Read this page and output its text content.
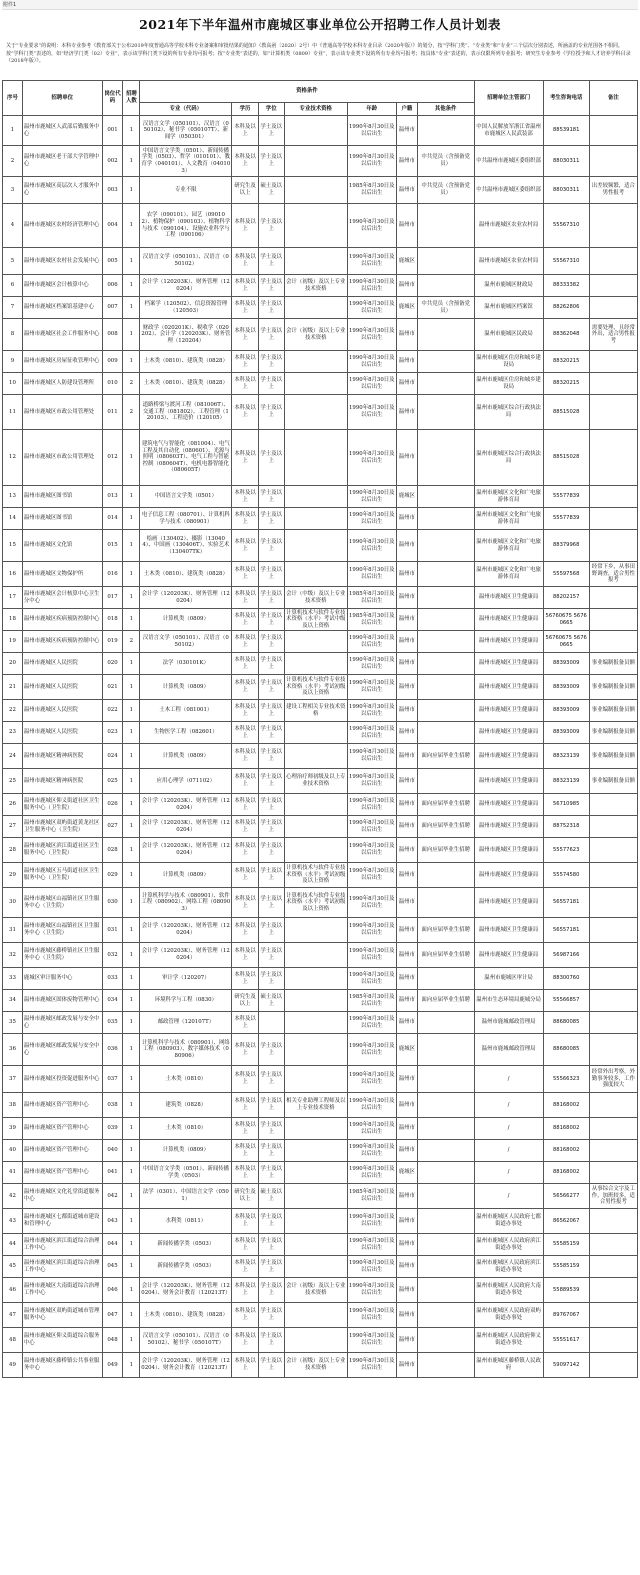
附件1
2021年下半年温州市鹿城区事业单位公开招聘工作人员计划表
关于“专业要求”的说明：本科专业参考《教育部关于公布2019年度普通高等学校本科专业备案和审批结果的通知》（教高函〔2020〕2号）中《普通高等学校本科专业目录（2020年版）》的划分，按“学科门类”、“专业类”和“专业”三个层次分别表述，所涵盖的专业范围各不相同。按“学科门类”表述的，如“经济学门类（02）专业”，表示该学科门类下设的所有专业均可报考；按“专业类”表述的，如“计算机类（0809）专业”，表示该专业类下设的所有专业均可报考；按具体“专业”表述的，表示仅限所列专业报考；研究生专业参考《学位授予和人才培养学科目录（2018年版）》。
序号	招聘单位	岗位代码	招聘人数	资格条件							招聘单位主管部门	考生咨询电话	备注
				专业（代码）	学历	学位	专业技术资格	年龄	户籍	其他条件			
1	温州市鹿城区人武部后勤服务中心	001	1	汉语言文学（050101）、汉语言（050102）、秘书学（050107T）、新闻学（050301）	本科及以上	学士及以上		1990年8月30日及以后出生	温州市		中国人民解放军浙江省温州市鹿城区人民武装部	88539181	
2	温州市鹿城区老干部大学管理中心	002	1	中国语言文学类（0501）、新闻传播学类（0503）、哲学（010101）、教育学（040101）、人文教育（040103）	本科及以上	学士及以上		1990年8月30日及以后出生	温州市	中共党员（含预备党员）	中共温州市鹿城区委组织部	88030311	
3	温州市鹿城区高层次人才服务中心	003	1	专业不限	研究生及以上	硕士及以上		1985年8月30日及以后出生	温州市	中共党员（含预备党员）	中共温州市鹿城区委组织部	88030311	出差较频繁，适合男性报考
4	温州市鹿城区农村经济管理中心	004	1	农学（090101）、园艺（090102）、植物保护（090103）、植物科学与技术（090104）、设施农业科学与工程（090106）	本科及以上	学士及以上		1990年8月30日及以后出生	温州市		温州市鹿城区农业农村局	55567310	
5	温州市鹿城区农村社会发展中心	005	1	汉语言文学（050101）、汉语言（050102）	本科及以上	学士及以上		1990年8月30日及以后出生	鹿城区		温州市鹿城区农业农村局	55567310	
6	温州市鹿城区会计核算中心	006	1	会计学（120203K）、财务管理（120204）	本科及以上	学士及以上	会计（初级）及以上专业技术资格	1990年8月30日及以后出生	温州市		温州市鹿城区财政局	88333382	
7	温州市鹿城区档案馆基建中心	007	1	档案学（120502）、信息资源管理（120503）	本科及以上	学士及以上		1990年8月30日及以后出生	鹿城区	中共党员（含预备党员）	温州市鹿城区档案馆	88262806	
8	温州市鹿城区社会工作服务中心	008	1	财政学（020201K）、税收学（020202）、会计学（120203K）、财务管理（120204）	本科及以上	学士及以上	会计（初级）及以上专业技术资格	1990年8月30日及以后出生	温州市		温州市鹿城区民政局	88362048	需要处理，且经常外出，适合男性报考
9	温州市鹿城区房屋征收管理中心	009	1	土木类（0810）、建筑类（0828）	本科及以上	学士及以上		1990年8月30日及以后出生	温州市		温州市鹿城区住房和城乡建设局	88320215	
10	温州市鹿城区人防建设管理所	010	2	土木类（0810）、建筑类（0828）	本科及以上	学士及以上		1990年8月30日及以后出生	温州市		温州市鹿城区住房和城乡建设局	88320215	
11	温州市鹿城区市政公用管理处	011	2	道路桥梁与渡河工程（081006T）、交通工程（081802）、工程管理（120103）、工程造价（120105）	本科及以上	学士及以上		1990年8月30日及以后出生	温州市		温州市鹿城区综合行政执法局	88515028	
12	温州市鹿城区市政公用管理处	012	1	建筑电气与智能化（081004）、电气工程及其自动化（080601）、光源与照明（080603T）、电气工程与智能控制（080604T）、电机电器智能化（080605T）	本科及以上	学士及以上		1990年8月30日及以后出生	温州市		温州市鹿城区综合行政执法局	88515028	
13	温州市鹿城区图书馆	013	1	中国语言文学类（0501）	本科及以上	学士及以上		1990年8月30日及以后出生	鹿城区		温州市鹿城区文化和广电旅游体育局	55577839	
14	温州市鹿城区图书馆	014	1	电子信息工程（080701）、计算机科学与技术（080901）	本科及以上	学士及以上		1990年8月30日及以后出生	温州市		温州市鹿城区文化和广电旅游体育局	55577839	
15	温州市鹿城区文化馆	015	1	绘画（130402）、摄影（130404）、中国画（130406T）、实验艺术（130407TK）	本科及以上	学士及以上		1990年8月30日及以后出生	温州市		温州市鹿城区文化和广电旅游体育局	88379968	
16	温州市鹿城区文物保护所	016	1	土木类（0810）、建筑类（0828）	本科及以上	学士及以上		1990年8月30日及以后出生	温州市		温州市鹿城区文化和广电旅游体育局	55597568	经常下乡，从事田野调查，适合男性报考
17	温州市鹿城区会计核算中心卫生分中心	017	1	会计学（120203K）、财务管理（120204）	本科及以上	学士及以上	会计（中级）及以上专业技术资格	1985年8月30日及以后出生	温州市		温州市鹿城区卫生健康局	88202157	
18	温州市鹿城区疾病预防控制中心	018	1	计算机类（0809）	本科及以上	学士及以上	计算机技术与软件专业技术资格（水平）考试中级及以上资格	1985年8月30日及以后出生	温州市		温州市鹿城区卫生健康局	56760675 56760665	
19	温州市鹿城区疾病预防控制中心	019	2	汉语言文学（050101）、汉语言（050102）	本科及以上	学士及以上		1990年8月30日及以后出生	温州市		温州市鹿城区卫生健康局	56760675 56760665	
20	温州市鹿城区人民医院	020	1	法学（030101K）	本科及以上	学士及以上		1990年8月30日及以后出生	温州市		温州市鹿城区卫生健康局	88393009	事业编制报备员额
21	温州市鹿城区人民医院	021	1	计算机类（0809）	本科及以上	学士及以上	计算机技术与软件专业技术资格（水平）考试初级及以上资格	1990年8月30日及以后出生	温州市		温州市鹿城区卫生健康局	88393009	事业编制报备员额
22	温州市鹿城区人民医院	022	1	土木工程（081001）	本科及以上	学士及以上	建设工程相关专业技术资格	1990年8月30日及以后出生	温州市		温州市鹿城区卫生健康局	88393009	事业编制报备员额
23	温州市鹿城区人民医院	023	1	生物医学工程（082601）	本科及以上	学士及以上		1990年8月30日及以后出生	温州市		温州市鹿城区卫生健康局	88393009	事业编制报备员额
24	温州市鹿城区精神病医院	024	1	计算机类（0809）	本科及以上	学士及以上		1990年8月30日及以后出生	温州市	面向应届毕业生招聘	温州市鹿城区卫生健康局	88323139	事业编制报备员额
25	温州市鹿城区精神病医院	025	1	应用心理学（071102）	本科及以上	学士及以上	心理治疗师初级及以上专业技术资格	1990年8月30日及以后出生	温州市		温州市鹿城区卫生健康局	88323139	事业编制报备员额
26	温州市鹿城区仰义街道社区卫生服务中心（卫生院）	026	1	会计学（120203K）、财务管理（120204）	本科及以上	学士及以上		1990年8月30日及以后出生	温州市	面向应届毕业生招聘	温州市鹿城区卫生健康局	56710985	
27	温州市鹿城区双屿街道黄龙社区卫生服务中心（卫生院）	027	1	会计学（120203K）、财务管理（120204）	本科及以上	学士及以上		1990年8月30日及以后出生	温州市	面向应届毕业生招聘	温州市鹿城区卫生健康局	88752318	
28	温州市鹿城区滨江街道社区卫生服务中心（卫生院）	028	1	会计学（120203K）、财务管理（120204）	本科及以上	学士及以上		1990年8月30日及以后出生	温州市	面向应届毕业生招聘	温州市鹿城区卫生健康局	55577623	
29	温州市鹿城区五马街道社区卫生服务中心（卫生院）	029	1	计算机类（0809）	本科及以上	学士及以上	计算机技术与软件专业技术资格（水平）考试初级及以上资格	1990年8月30日及以后出生	温州市		温州市鹿城区卫生健康局	55574580	
30	温州市鹿城区山福镇社区卫生服务中心（卫生院）	030	1	计算机科学与技术（080901）、软件工程（080902）、网络工程（080903）	本科及以上	学士及以上	计算机技术与软件专业技术资格（水平）考试初级及以上资格	1990年8月30日及以后出生	温州市		温州市鹿城区卫生健康局	56557181	
31	温州市鹿城区山福镇社区卫生服务中心（卫生院）	031	1	会计学（120203K）、财务管理（120204）	本科及以上	学士及以上		1990年8月30日及以后出生	温州市	面向应届毕业生招聘	温州市鹿城区卫生健康局	56557181	
32	温州市鹿城区藤桥镇社区卫生服务中心（卫生院）	032	1	会计学（120203K）、财务管理（120204）	本科及以上	学士及以上		1990年8月30日及以后出生	温州市	面向应届毕业生招聘	温州市鹿城区卫生健康局	56987166	
33	鹿城区审计服务中心	033	1	审计学（120207）	本科及以上	学士及以上		1990年8月30日及以后出生	温州市		温州市鹿城区审计局	88300760	
34	温州市鹿城区固体废物管理中心	034	1	环境科学与工程（0830）	研究生及以上	硕士及以上		1985年8月30日及以后出生	温州市	面向应届毕业生招聘	温州市生态环境局鹿城分局	55566857	
35	温州市鹿城区邮政发展与安全中心	035	1	邮政管理（120107T）	本科及以上			1990年8月30日及以后出生	温州市		温州市鹿城邮政管理局	88680085	
36	温州市鹿城区邮政发展与安全中心	036	1	计算机科学与技术（080901）、网络工程（080903）、数字媒体技术（080906）	本科及以上	学士及以上		1990年8月30日及以后出生	鹿城区		温州市鹿城邮政管理局	88680085	
37	温州市鹿城区投资促进服务中心	037	1	土木类（0810）	本科及以上	学士及以上		1990年8月30日及以后出生	温州市		/	55566323	经常外出考察，外勤事务较多，工作强度较大
38	温州市鹿城区资产管理中心	038	1	建筑类（0828）	本科及以上	学士及以上	相关专业助理工程师及以上专业技术资格	1990年8月30日及以后出生	温州市		/	88168002	
39	温州市鹿城区资产管理中心	039	1	土木类（0810）	本科及以上	学士及以上		1990年8月30日及以后出生	温州市		/	88168002	
40	温州市鹿城区资产管理中心	040	1	计算机类（0809）	本科及以上	学士及以上		1990年8月30日及以后出生	温州市		/	88168002	
41	温州市鹿城区资产管理中心	041	1	中国语言文学类（0501）、新闻传播学类（0503）	本科及以上	学士及以上		1990年8月30日及以后出生	鹿城区		/	88168002	
42	温州市鹿城区文化礼堂街道服务中心	042	1	法学（0301）、中国语言文学（0501）	研究生及以上	硕士及以上		1985年8月30日及以后出生	温州市		/	56566277	从事综合文字及工作，加班较多，适合男性报考
43	温州市鹿城区七都街道城市建设和管理中心	043	1	水利类（0811）	本科及以上	学士及以上		1990年8月30日及以后出生	温州市		温州市鹿城区人民政府七都街道办事处	86562067	
44	温州市鹿城区滨江街道综合治理工作中心	044	1	新闻传播学类（0503）	本科及以上	学士及以上		1990年8月30日及以后出生	温州市		温州市鹿城区人民政府滨江街道办事处	55585159	
45	温州市鹿城区滨江街道综合治理工作中心	045	1	新闻传播学类（0503）	本科及以上	学士及以上		1990年8月30日及以后出生	温州市		温州市鹿城区人民政府滨江街道办事处	55585159	
46	温州市鹿城区大南街道综合治理工作中心	046	1	会计学（120203K）、财务管理（120204）、财务会计教育（120213T）	本科及以上	学士及以上	会计（初级）及以上专业技术资格	1990年8月30日及以后出生	温州市		温州市鹿城区人民政府大南街道办事处	55889539	
47	温州市鹿城区双屿街道城市管理服务中心	047	1	土木类（0810）、建筑类（0828）	本科及以上	学士及以上		1990年8月30日及以后出生	温州市		温州市鹿城区人民政府双屿街道办事处	89767067	
48	温州市鹿城区仰义街道综合服务中心	048	1	汉语言文学（050101）、汉语言（050102）、秘书学（050107T）	本科及以上	学士及以上		1990年8月30日及以后出生	温州市		温州市鹿城区人民政府仰义街道办事处	55551617	
49	温州市鹿城区藤桥镇公共事业服务中心	049	1	会计学（120203K）、财务管理（120204）、财务会计教育（120213T）	本科及以上	学士及以上	会计（初级）及以上专业技术资格	1990年8月30日及以后出生	温州市		温州市鹿城区藤桥镇人民政府	59097142	
